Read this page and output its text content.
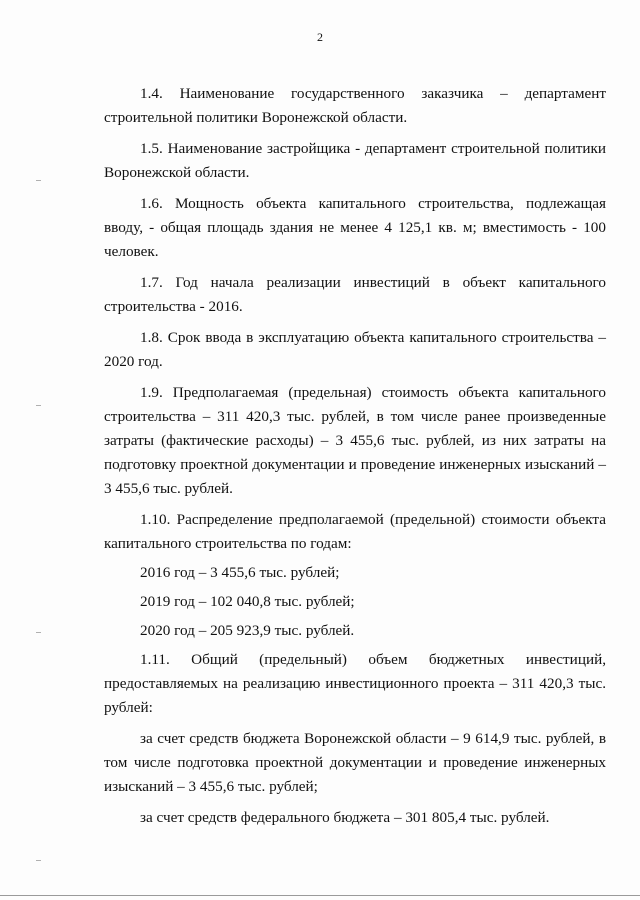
2

1.4. Наименование государственного заказчика – департамент строительной политики Воронежской области.

1.5. Наименование застройщика - департамент строительной политики Воронежской области.

1.6. Мощность объекта капитального строительства, подлежащая вводу, - общая площадь здания не менее 4 125,1 кв. м; вместимость - 100 человек.

1.7. Год начала реализации инвестиций в объект капитального строительства - 2016.

1.8. Срок ввода в эксплуатацию объекта капитального строительства – 2020 год.

1.9. Предполагаемая (предельная) стоимость объекта капитального строительства – 311 420,3 тыс. рублей, в том числе ранее произведенные затраты (фактические расходы) – 3 455,6 тыс. рублей, из них затраты на подготовку проектной документации и проведение инженерных изысканий – 3 455,6 тыс. рублей.

1.10. Распределение предполагаемой (предельной) стоимости объекта капитального строительства по годам:

2016 год – 3 455,6 тыс. рублей;

2019 год – 102 040,8 тыс. рублей;

2020 год – 205 923,9 тыс. рублей.

1.11. Общий (предельный) объем бюджетных инвестиций, предоставляемых на реализацию инвестиционного проекта – 311 420,3 тыс. рублей:

за счет средств бюджета Воронежской области – 9 614,9 тыс. рублей, в том числе подготовка проектной документации и проведение инженерных изысканий – 3 455,6 тыс. рублей;

за счет средств федерального бюджета – 301 805,4 тыс. рублей.
